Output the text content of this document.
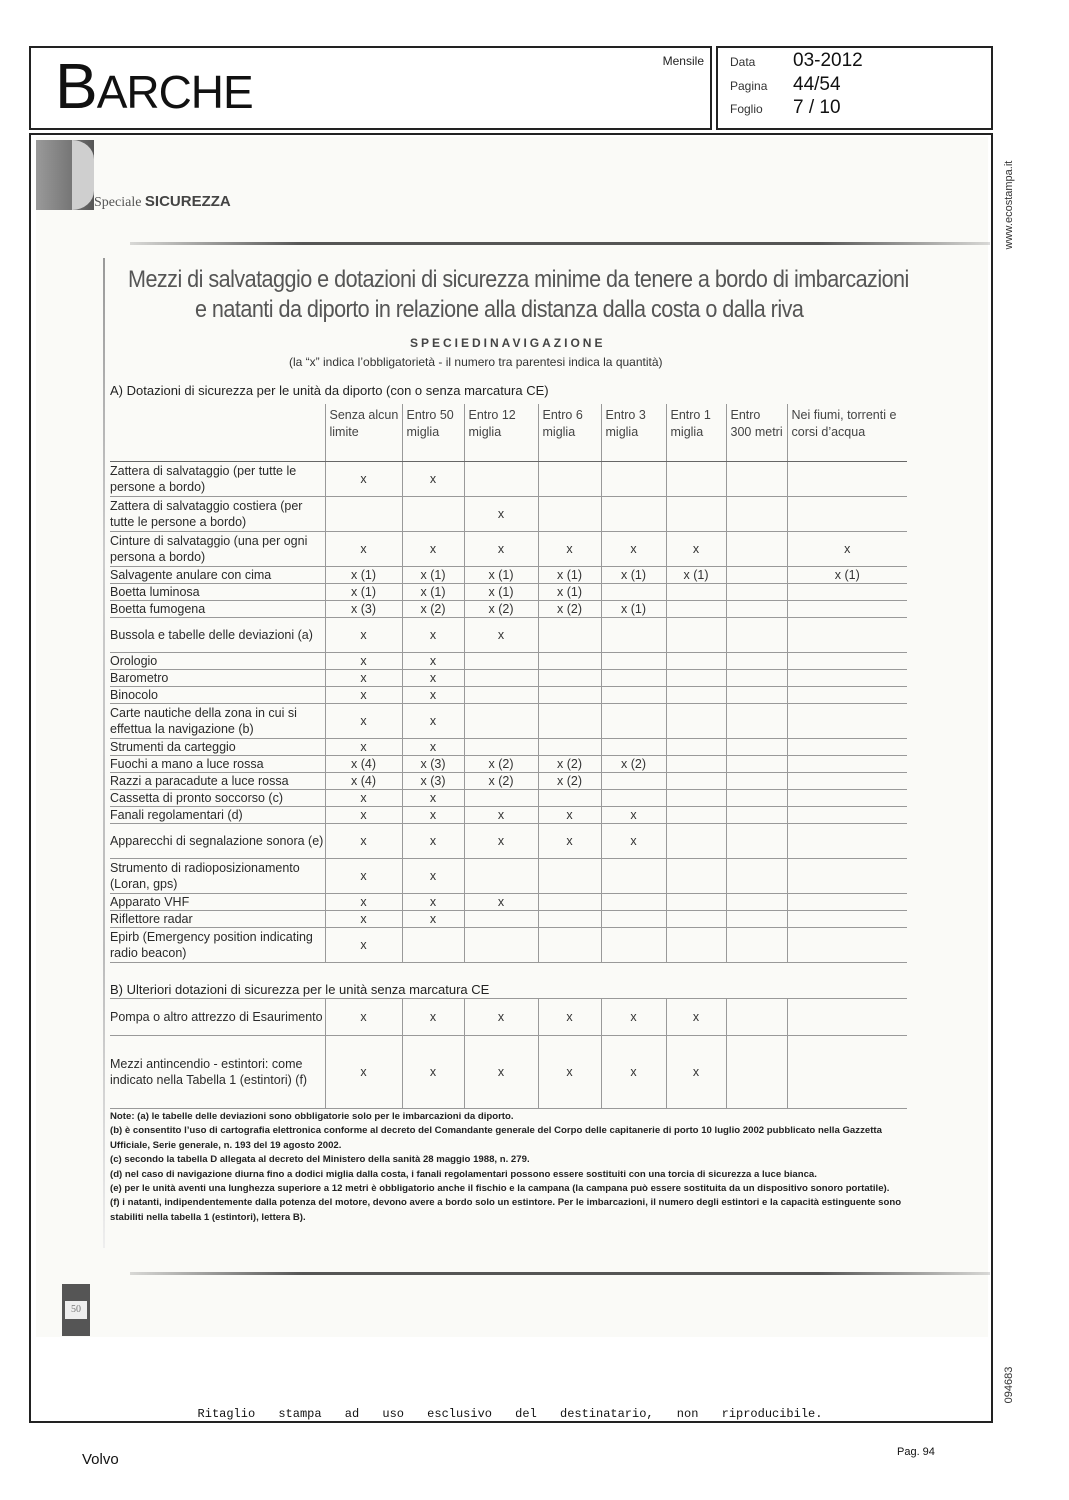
BARCHE
Mensile Data 03-2012
Pagina 44/54
Foglio 7 / 10
www.ecostampa.it
094683
Speciale SICUREZZA
Mezzi di salvataggio e dotazioni di sicurezza minime da tenere a bordo di imbarcazioni
e natanti da diporto in relazione alla distanza dalla costa o dalla riva
SPECIEDINAVIGAZIONE
(la “x” indica l’obbligatorietà - il numero tra parentesi indica la quantità)
A) Dotazioni di sicurezza per le unità da diporto (con o senza marcatura CE)
	Senza alcun limite	Entro 50 miglia	Entro 12 miglia	Entro 6 miglia	Entro 3 miglia	Entro 1 miglia	Entro 300 metri	Nei fiumi, torrenti e corsi d’acqua
Zattera di salvataggio (per tutte le persone a bordo)	x	x						
Zattera di salvataggio costiera (per tutte le persone a bordo)			x					
Cinture di salvataggio (una per ogni persona a bordo)	x	x	x	x	x	x		x
Salvagente anulare con cima	x (1)	x (1)	x (1)	x (1)	x (1)	x (1)		x (1)
Boetta luminosa	x (1)	x (1)	x (1)	x (1)				
Boetta fumogena	x (3)	x (2)	x (2)	x (2)	x (1)			
Bussola e tabelle delle deviazioni (a)	x	x	x					
Orologio	x	x						
Barometro	x	x						
Binocolo	x	x						
Carte nautiche della zona in cui si effettua la navigazione (b)	x	x						
Strumenti da carteggio	x	x						
Fuochi a mano a luce rossa	x (4)	x (3)	x (2)	x (2)	x (2)			
Razzi a paracadute a luce rossa	x (4)	x (3)	x (2)	x (2)				
Cassetta di pronto soccorso (c)	x	x						
Fanali regolamentari (d)	x	x	x	x	x			
Apparecchi di segnalazione sonora (e)	x	x	x	x	x			
Strumento di radioposizionamento (Loran, gps)	x	x						
Apparato VHF	x	x	x					
Riflettore radar	x	x						
Epirb (Emergency position indicating radio beacon)	x							
B) Ulteriori dotazioni di sicurezza per le unità senza marcatura CE
Pompa o altro attrezzo di Esaurimento	x	x	x	x	x	x		
Mezzi antincendio - estintori: come indicato nella Tabella 1 (estintori) (f)	x	x	x	x	x	x		

Note: (a) le tabelle delle deviazioni sono obbligatorie solo per le imbarcazioni da diporto.

(b) è consentito l’uso di cartografia elettronica conforme al decreto del Comandante generale del Corpo delle capitanerie di porto 10 luglio 2002 pubblicato nella Gazzetta Ufficiale, Serie generale, n. 193 del 19 agosto 2002.

(c) secondo la tabella D allegata al decreto del Ministero della sanità 28 maggio 1988, n. 279.

(d) nel caso di navigazione diurna fino a dodici miglia dalla costa, i fanali regolamentari possono essere sostituiti con una torcia di sicurezza a luce bianca.

(e) per le unità aventi una lunghezza superiore a 12 metri è obbligatorio anche il fischio e la campana (la campana può essere sostituita da un dispositivo sonoro portatile).

(f) i natanti, indipendentemente dalla potenza del motore, devono avere a bordo solo un estintore. Per le imbarcazioni, il numero degli estintori e la capacità estinguente sono stabiliti nella tabella 1 (estintori), lettera B).

50
Ritaglio stampa ad uso esclusivo del destinatario, non riproducibile.
Volvo	Pag. 94
